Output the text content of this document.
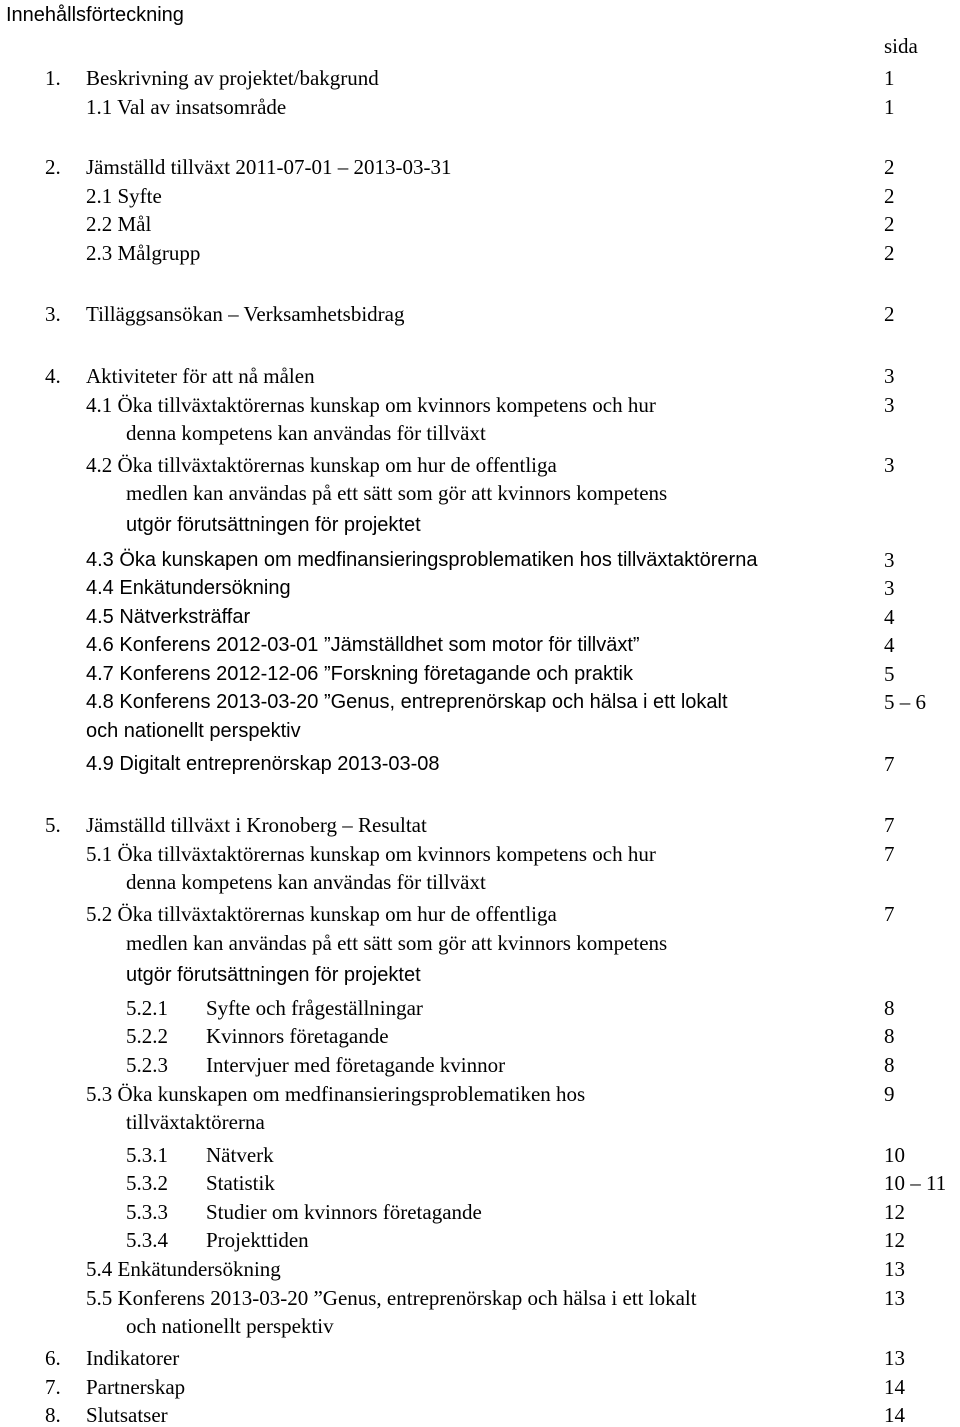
Innehållsförteckning
sida
1. Beskrivning av projektet/bakgrund	1
1.1 Val av insatsområde	1
2. Jämställd tillväxt 2011-07-01 – 2013-03-31	2
2.1 Syfte	2
2.2 Mål	2
2.3 Målgrupp	2
3. Tilläggsansökan – Verksamhetsbidrag	2
4. Aktiviteter för att nå målen	3
4.1 Öka tillväxtaktörernas kunskap om kvinnors kompetens och hur	3
denna kompetens kan användas för tillväxt
4.2 Öka tillväxtaktörernas kunskap om hur de offentliga	3
medlen kan användas på ett sätt som gör att kvinnors kompetens
utgör förutsättningen för projektet
4.3 Öka kunskapen om medfinansieringsproblematiken hos tillväxtaktörerna	3
4.4 Enkätundersökning	3
4.5 Nätverksträffar	4
4.6 Konferens 2012-03-01 ”Jämställdhet som motor för tillväxt”	4
4.7 Konferens 2012-12-06 ”Forskning företagande och praktik	5
4.8 Konferens 2013-03-20 ”Genus, entreprenörskap och hälsa i ett lokalt	5 – 6
och nationellt perspektiv
4.9 Digitalt entreprenörskap 2013-03-08	7
5. Jämställd tillväxt i Kronoberg – Resultat	7
5.1 Öka tillväxtaktörernas kunskap om kvinnors kompetens och hur	7
denna kompetens kan användas för tillväxt
5.2 Öka tillväxtaktörernas kunskap om hur de offentliga	7
medlen kan användas på ett sätt som gör att kvinnors kompetens
utgör förutsättningen för projektet
5.2.1 Syfte och frågeställningar	8
5.2.2 Kvinnors företagande	8
5.2.3 Intervjuer med företagande kvinnor	8
5.3 Öka kunskapen om medfinansieringsproblematiken hos	9
tillväxtaktörerna
5.3.1 Nätverk	10
5.3.2 Statistik	10 – 11
5.3.3 Studier om kvinnors företagande	12
5.3.4 Projekttiden	12
5.4 Enkätundersökning	13
5.5 Konferens 2013-03-20 ”Genus, entreprenörskap och hälsa i ett lokalt	13
och nationellt perspektiv
6. Indikatorer	13
7. Partnerskap	14
8. Slutsatser	14
